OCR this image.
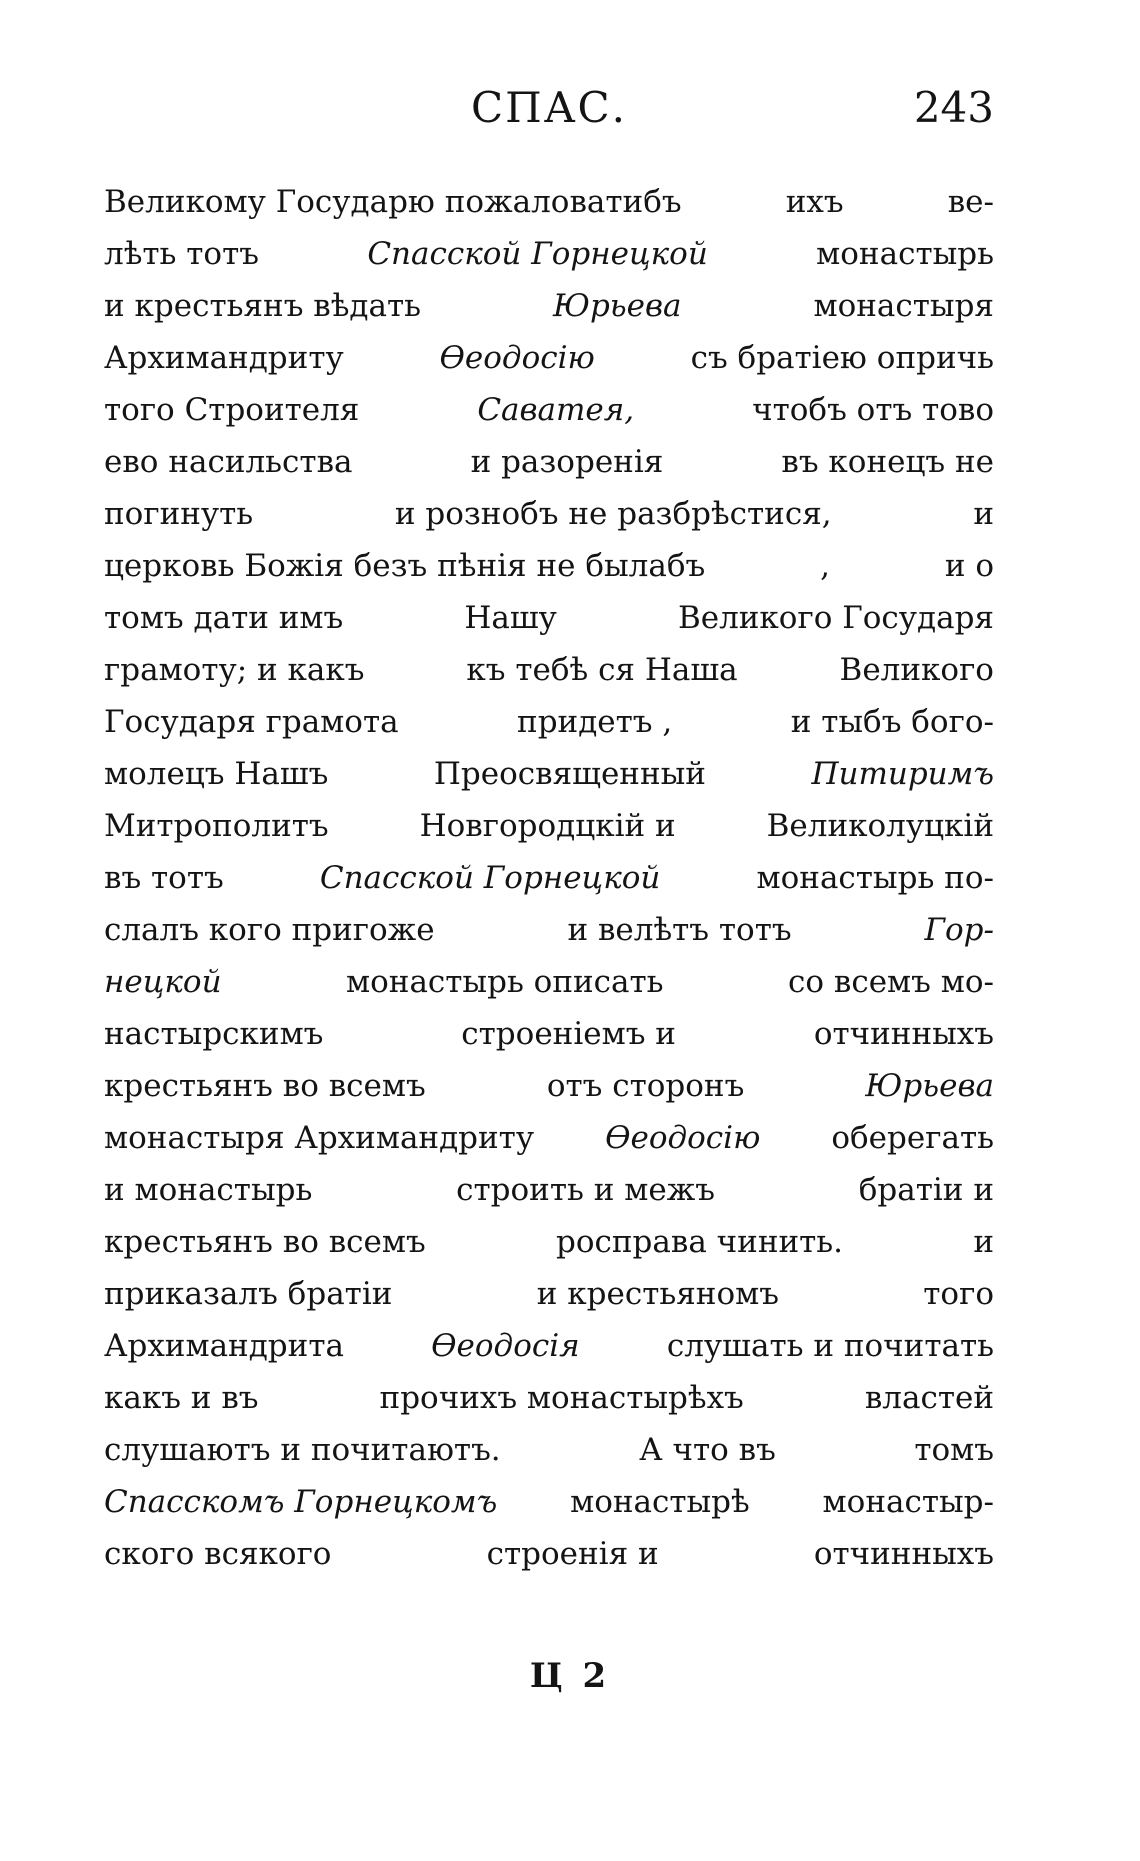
СПАС.	243
Великому Государю пожаловатибъ	ихъ	ве-
лѣть тотъ	Спасской Горнецкой	монастырь
и крестьянъ вѣдать	Юрьева	монастыря
Архимандриту	Ѳеодосію	съ братіею опричь
того Строителя	Саватея,	чтобъ отъ тово
ево насильства	и разоренія	въ конецъ не
погинуть	и рознобъ не разбрѣстися,	и
церковь Божія безъ пѣнія не былабъ	,	и о
томъ дати имъ	Нашу	Великого Государя
грамоту; и какъ	къ тебѣ ся Наша	Великого
Государя грамота	придетъ ,	и тыбъ бого-
молецъ Нашъ	Преосвященный	Питиримъ
Митрополитъ	Новгородцкій и	Великолуцкій
въ тотъ	Спасской Горнецкой	монастырь по-
слалъ кого пригоже	и велѣтъ тотъ	Гор-
нецкой	монастырь описать	со всемъ мо-
настырскимъ	строеніемъ и	отчинныхъ
крестьянъ во всемъ	отъ сторонъ	Юрьева
монастыря Архимандриту Ѳеодосію оберегать
и монастырь	строить и межъ	братіи и
крестьянъ во всемъ	росправа чинить.	и
приказалъ братіи	и крестьяномъ	того
Архимандрита	Ѳеодосія	слушать и почитать
какъ и въ	прочихъ монастырѣхъ	властей
слушаютъ и почитаютъ.	А что въ	томъ
Спасскомъ Горнецкомъ монастырѣ монастыр-
ского всякого	строенія и	отчинныхъ
Ц 2
